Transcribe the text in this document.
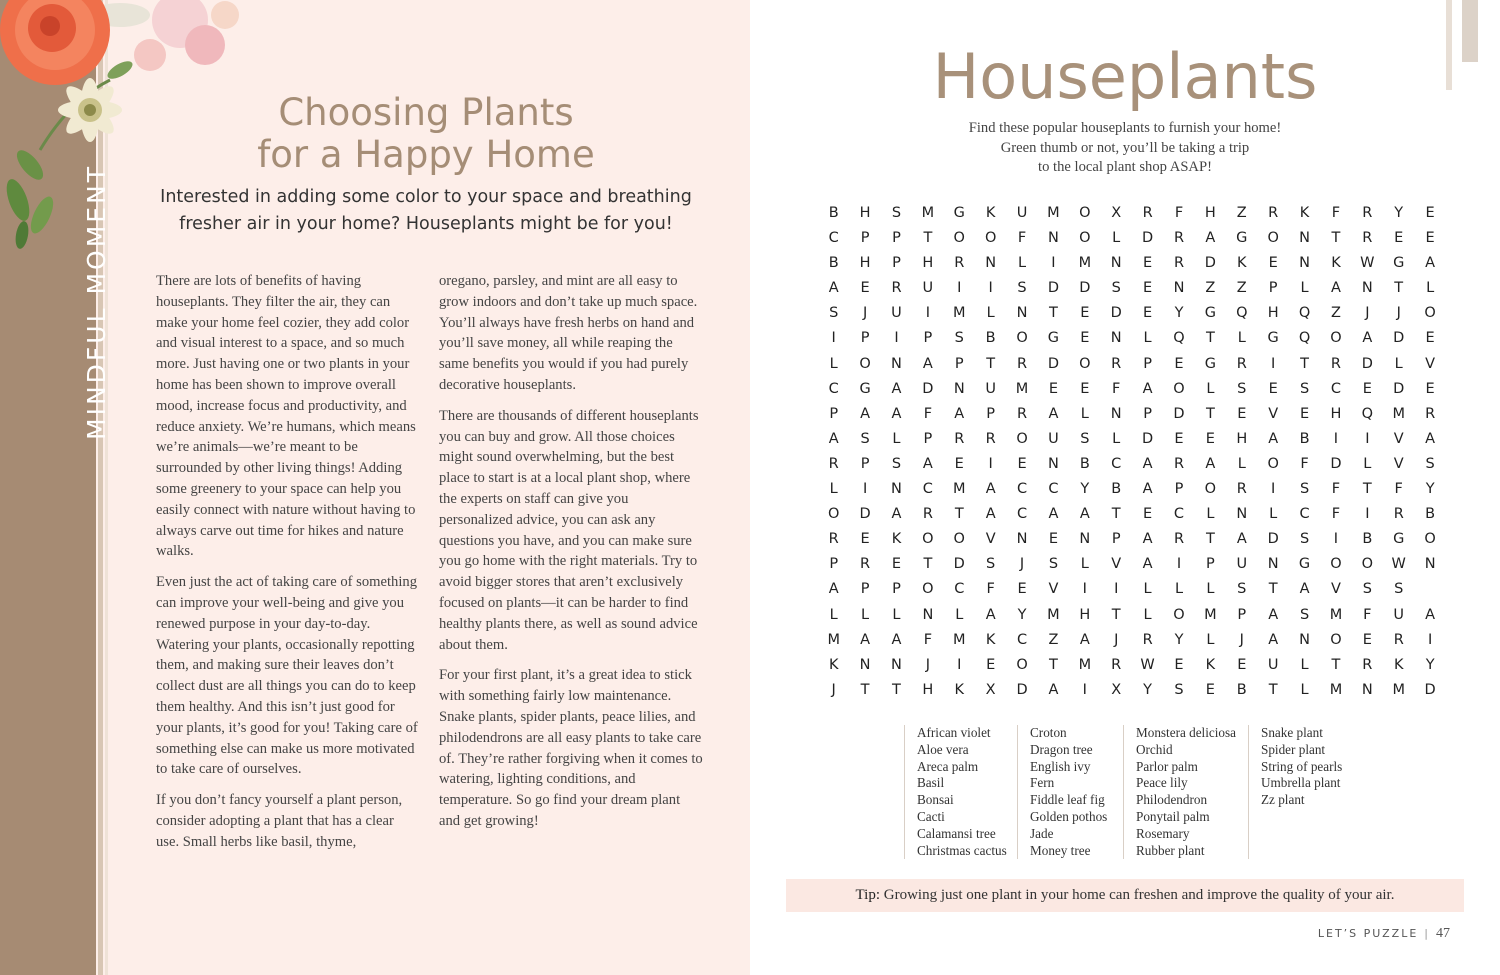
MINDFUL MOMENT
Choosing Plants
for a Happy Home
Interested in adding some color to your space and breathing fresher air in your home? Houseplants might be for you!

There are lots of benefits of having houseplants. They filter the air, they can make your home feel cozier, they add color and visual interest to a space, and so much more. Just having one or two plants in your home has been shown to improve overall mood, increase focus and productivity, and reduce anxiety. We’re humans, which means we’re animals—we’re meant to be surrounded by other living things! Adding some greenery to your space can help you easily connect with nature without having to always carve out time for hikes and nature walks.

Even just the act of taking care of something can improve your well-being and give you renewed purpose in your day-to-day. Watering your plants, occasionally repotting them, and making sure their leaves don’t collect dust are all things you can do to keep them healthy. And this isn’t just good for your plants, it’s good for you! Taking care of something else can make us more motivated to take care of ourselves.

If you don’t fancy yourself a plant person, consider adopting a plant that has a clear use. Small herbs like basil, thyme,

oregano, parsley, and mint are all easy to grow indoors and don’t take up much space. You’ll always have fresh herbs on hand and you’ll save money, all while reaping the same benefits you would if you had purely decorative houseplants.

There are thousands of different houseplants you can buy and grow. All those choices might sound overwhelming, but the best place to start is at a local plant shop, where the experts on staff can give you personalized advice, you can ask any questions you have, and you can make sure you go home with the right materials. Try to avoid bigger stores that aren’t exclusively focused on plants—it can be harder to find healthy plants there, as well as sound advice about them.

For your first plant, it’s a great idea to stick with something fairly low maintenance. Snake plants, spider plants, peace lilies, and philodendrons are all easy plants to take care of. They’re rather forgiving when it comes to watering, lighting conditions, and temperature. So go find your dream plant and get growing!

Houseplants
Find these popular houseplants to furnish your home!
Green thumb or not, you’ll be taking a trip
to the local plant shop ASAP!
B	H	S	M	G	K	U	M	O	X	R	F	H	Z	R	K	F	R	Y	E
C	P	P	T	O	O	F	N	O	L	D	R	A	G	O	N	T	R	E	E
B	H	P	H	R	N	L	I	M	N	E	R	D	K	E	N	K	W	G	A
A	E	R	U	I	I	S	D	D	S	E	N	Z	Z	P	L	A	N	T	L
S	J	U	I	M	L	N	T	E	D	E	Y	G	Q	H	Q	Z	J	J	O
I	P	I	P	S	B	O	G	E	N	L	Q	T	L	G	Q	O	A	D	E
L	O	N	A	P	T	R	D	O	R	P	E	G	R	I	T	R	D	L	V
C	G	A	D	N	U	M	E	E	F	A	O	L	S	E	S	C	E	D	E
P	A	A	F	A	P	R	A	L	N	P	D	T	E	V	E	H	Q	M	R
A	S	L	P	R	R	O	U	S	L	D	E	E	H	A	B	I	I	V	A
R	P	S	A	E	I	E	N	B	C	A	R	A	L	O	F	D	L	V	S
L	I	N	C	M	A	C	C	Y	B	A	P	O	R	I	S	F	T	F	Y
O	D	A	R	T	A	C	A	A	T	E	C	L	N	L	C	F	I	R	B
R	E	K	O	O	V	N	E	N	P	A	R	T	A	D	S	I	B	G	O
P	R	E	T	D	S	J	S	L	V	A	I	P	U	N	G	O	O	W	N
A	P	P	O	C	F	E	V	I	I	L	L	L	S	T	A	V	S	S
L	L	L	N	L	A	Y	M	H	T	L	O	M	P	A	S	M	F	U	A
M	A	A	F	M	K	C	Z	A	J	R	Y	L	J	A	N	O	E	R	I
K	N	N	J	I	E	O	T	M	R	W	E	K	E	U	L	T	R	K	Y
J	T	T	H	K	X	D	A	I	X	Y	S	E	B	T	L	M	N	M	D
African violet
Aloe vera
Areca palm
Basil
Bonsai
Cacti
Calamansi tree
Christmas cactus
Croton
Dragon tree
English ivy
Fern
Fiddle leaf fig
Golden pothos
Jade
Money tree
Monstera deliciosa
Orchid
Parlor palm
Peace lily
Philodendron
Ponytail palm
Rosemary
Rubber plant
Snake plant
Spider plant
String of pearls
Umbrella plant
Zz plant
Tip: Growing just one plant in your home can freshen and improve the quality of your air.
LET’S PUZZLE | 47
